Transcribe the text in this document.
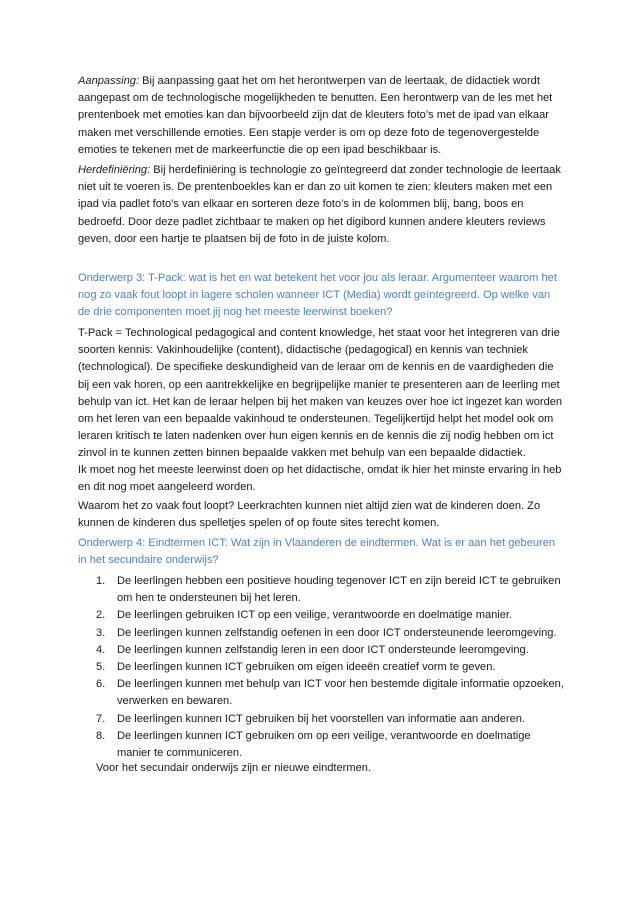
Aanpassing: Bij aanpassing gaat het om het herontwerpen van de leertaak, de didactiek wordt aangepast om de technologische mogelijkheden te benutten. Een herontwerp van de les met het prentenboek met emoties kan dan bijvoorbeeld zijn dat de kleuters foto’s met de ipad van elkaar maken met verschillende emoties. Een stapje verder is om op deze foto de tegenovergestelde emoties te tekenen met de markeerfunctie die op een ipad beschikbaar is.

Herdefiniëring: Bij herdefiniëring is technologie zo geïntegreerd dat zonder technologie de leertaak niet uit te voeren is. De prentenboekles kan er dan zo uit komen te zien: kleuters maken met een ipad via padlet foto’s van elkaar en sorteren deze foto’s in de kolommen blij, bang, boos en bedroefd. Door deze padlet zichtbaar te maken op het digibord kunnen andere kleuters reviews geven, door een hartje te plaatsen bij de foto in de juiste kolom.

Onderwerp 3: T-Pack: wat is het en wat betekent het voor jou als leraar. Argumenteer waarom het nog zo vaak fout loopt in lagere scholen wanneer ICT (Media) wordt geïntegreerd. Op welke van de drie componenten moet jij nog het meeste leerwinst boeken?

T-Pack = Technological pedagogical and content knowledge, het staat voor het integreren van drie soorten kennis: Vakinhoudelijke (content), didactische (pedagogical) en kennis van techniek (technological). De specifieke deskundigheid van de leraar om de kennis en de vaardigheden die bij een vak horen, op een aantrekkelijke en begrijpelijke manier te presenteren aan de leerling met behulp van ict. Het kan de leraar helpen bij het maken van keuzes over hoe ict ingezet kan worden om het leren van een bepaalde vakinhoud te ondersteunen. Tegelijkertijd helpt het model ook om leraren kritisch te laten nadenken over hun eigen kennis en de kennis die zij nodig hebben om ict zinvol in te kunnen zetten binnen bepaalde vakken met behulp van een bepaalde didactiek.

Ik moet nog het meeste leerwinst doen op het didactische, omdat ik hier het minste ervaring in heb en dit nog moet aangeleerd worden.

Waarom het zo vaak fout loopt? Leerkrachten kunnen niet altijd zien wat de kinderen doen. Zo kunnen de kinderen dus spelletjes spelen of op foute sites terecht komen.

Onderwerp 4: Eindtermen ICT: Wat zijn in Vlaanderen de eindtermen. Wat is er aan het gebeuren in het secundaire onderwijs?

1. De leerlingen hebben een positieve houding tegenover ICT en zijn bereid ICT te gebruiken om hen te ondersteunen bij het leren.
2. De leerlingen gebruiken ICT op een veilige, verantwoorde en doelmatige manier.
3. De leerlingen kunnen zelfstandig oefenen in een door ICT ondersteunende leeromgeving.
4. De leerlingen kunnen zelfstandig leren in een door ICT ondersteunde leeromgeving.
5. De leerlingen kunnen ICT gebruiken om eigen ideeën creatief vorm te geven.
6. De leerlingen kunnen met behulp van ICT voor hen bestemde digitale informatie opzoeken, verwerken en bewaren.
7. De leerlingen kunnen ICT gebruiken bij het voorstellen van informatie aan anderen.
8. De leerlingen kunnen ICT gebruiken om op een veilige, verantwoorde en doelmatige manier te communiceren.

Voor het secundair onderwijs zijn er nieuwe eindtermen.
